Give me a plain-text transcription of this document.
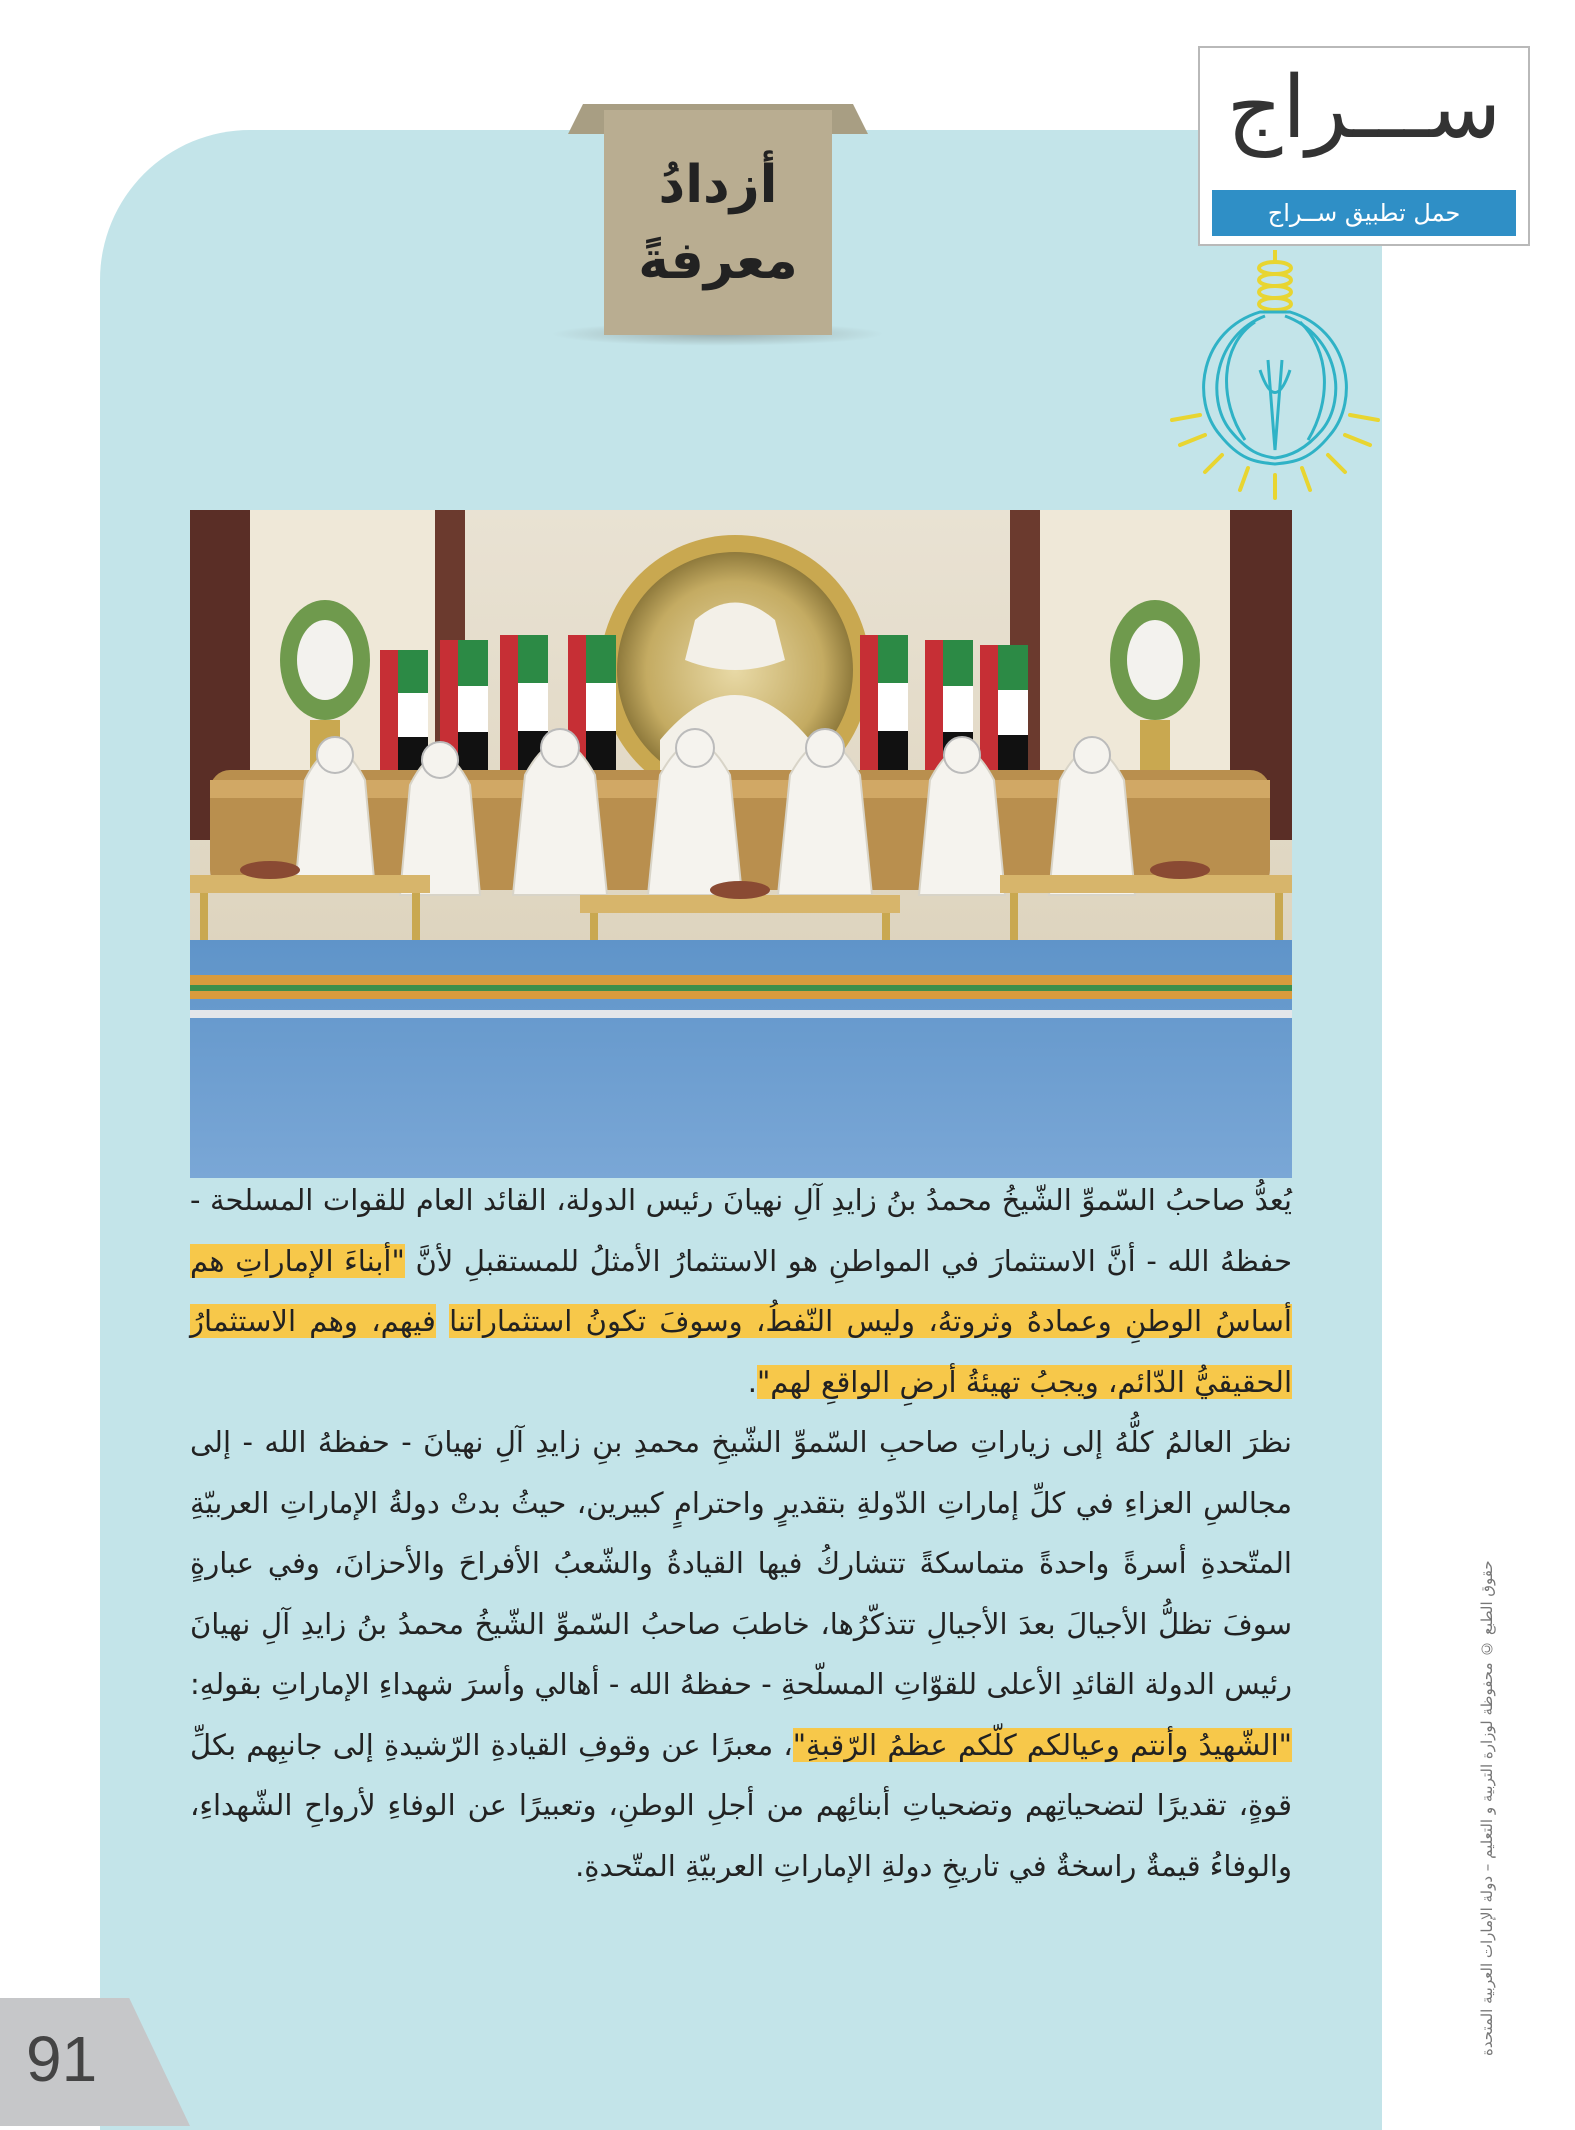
أزدادُ
معرفةً
ســـراج
حمل تطبيق ســراج

يُعدُّ صاحبُ السّموِّ الشّيخُ محمدُ بنُ زايدِ آلِ نهيانَ رئيس الدولة، القائد العام للقوات المسلحة - حفظهُ الله - أنَّ الاستثمارَ في المواطنِ هو الاستثمارُ الأمثلُ للمستقبلِ لأنَّ "أبناءَ الإماراتِ هم أساسُ الوطنِ وعمادهُ وثروتهُ، وليس النّفطُ، وسوفَ تكونُ استثماراتنا فيهم، وهم الاستثمارُ الحقيقيُّ الدّائم، ويجبُ تهيئةُ أرضِ الواقعِ لهم".

نظرَ العالمُ كلُّهُ إلى زياراتِ صاحبِ السّموِّ الشّيخِ محمدِ بنِ زايدِ آلِ نهيانَ - حفظهُ الله - إلى مجالسِ العزاءِ في كلِّ إماراتِ الدّولةِ بتقديرٍ واحترامٍ كبيرين، حيثُ بدتْ دولةُ الإماراتِ العربيّةِ المتّحدةِ أسرةً واحدةً متماسكةً تتشاركُ فيها القيادةُ والشّعبُ الأفراحَ والأحزانَ، وفي عبارةٍ سوفَ تظلُّ الأجيالَ بعدَ الأجيالِ تتذكّرُها، خاطبَ صاحبُ السّموِّ الشّيخُ محمدُ بنُ زايدِ آلِ نهيانَ رئيس الدولة القائدِ الأعلى للقوّاتِ المسلّحةِ - حفظهُ الله - أهالي وأسرَ شهداءِ الإماراتِ بقولهِ: "الشّهيدُ وأنتم وعيالكم كلّكم عظمُ الرّقبةِ"، معبرًا عن وقوفِ القيادةِ الرّشيدةِ إلى جانبِهم بكلِّ قوةٍ، تقديرًا لتضحياتِهم وتضحياتِ أبنائِهم من أجلِ الوطنِ، وتعبيرًا عن الوفاءِ لأرواحِ الشّهداءِ، والوفاءُ قيمةٌ راسخةٌ في تاريخِ دولةِ الإماراتِ العربيّةِ المتّحدةِ.	حقوق الطبع © محفوظة لوزارة التربية و التعليم – دولة الإمارات العربية المتحدة
91
